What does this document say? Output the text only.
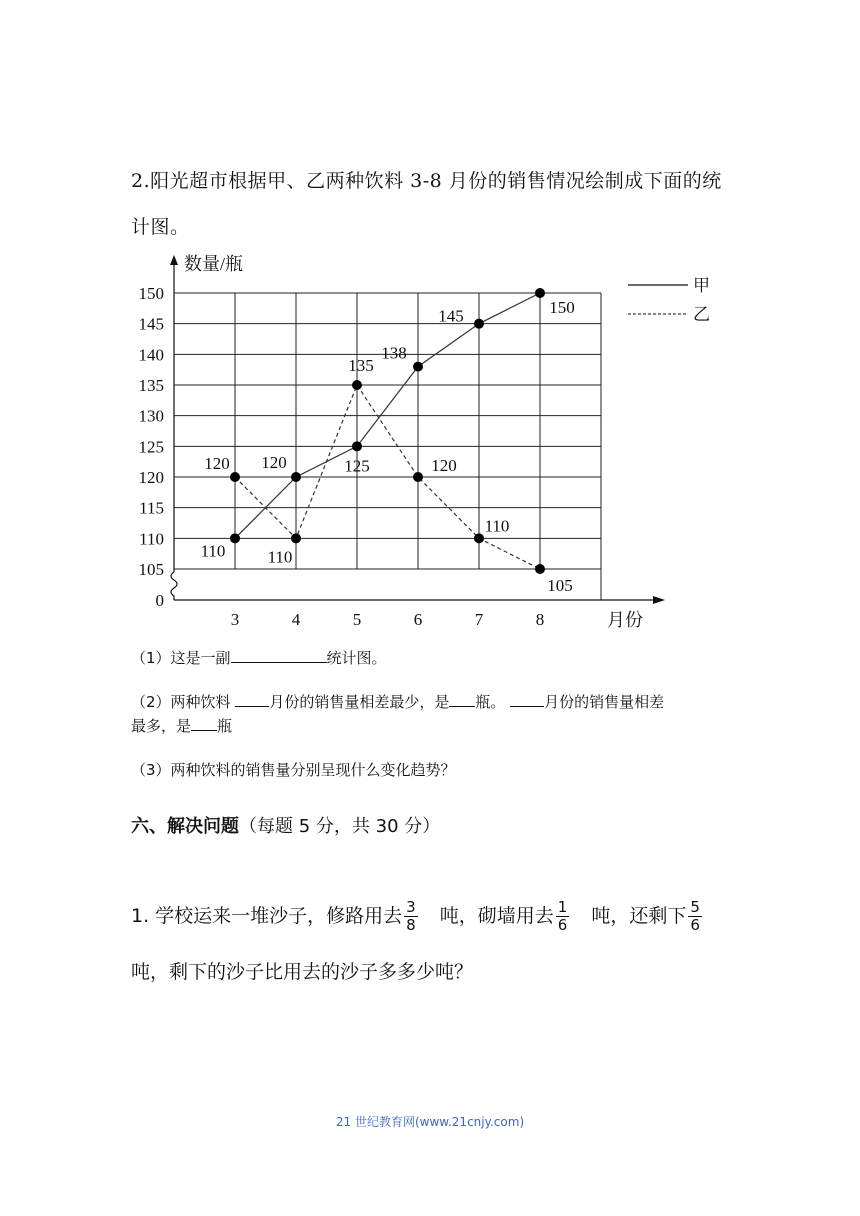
2.阳光超市根据甲、乙两种饮料 3-8 月份的销售情况绘制成下面的统计图。
数量/瓶
月份
0
105
110
115
120
125
130
135
140
145
150
3	4	5	6	7	8
110
120	125
138
145	150
120
110
135
120
110
105
甲
乙
（1）这是一副	统计图。
（2）两种饮料	月份的销售量相差最少，是 瓶。	月份的销售量相差
最多，是 瓶
（3）两种饮料的销售量分别呈现什么变化趋势？
六、解决问题（每题 5 分，共 30 分）
1. 学校运来一堆沙子，修路用去 $\frac{3}{8}$ 吨，砌墙用去 $\frac{1}{6}$ 吨，还剩下 $\frac{5}{6}$

吨，剩下的沙子比用去的沙子多多少吨？
21 世纪教育网(www.21cnjy.com)
